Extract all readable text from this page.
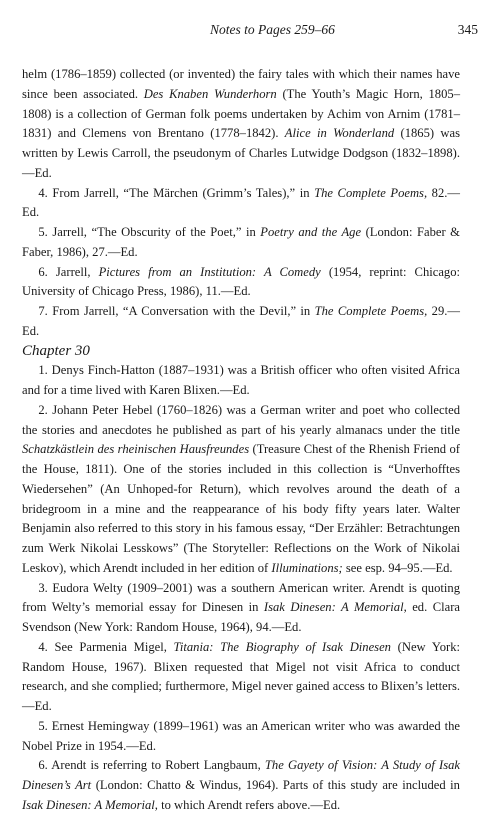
Notes to Pages 259–66	345

helm (1786–1859) collected (or invented) the fairy tales with which their names have since been associated. Des Knaben Wunderhorn (The Youth’s Magic Horn, 1805–1808) is a collection of German folk poems undertaken by Achim von Arnim (1781–1831) and Clemens von Brentano (1778–1842). Alice in Wonderland (1865) was written by Lewis Carroll, the pseudonym of Charles Lutwidge Dodgson (1832–1898).—Ed.

4. From Jarrell, “The Märchen (Grimm’s Tales),” in The Complete Poems, 82.—Ed.

5. Jarrell, “The Obscurity of the Poet,” in Poetry and the Age (London: Faber & Faber, 1986), 27.—Ed.

6. Jarrell, Pictures from an Institution: A Comedy (1954, reprint: Chicago: University of Chicago Press, 1986), 11.—Ed.

7. From Jarrell, “A Conversation with the Devil,” in The Complete Poems, 29.—Ed.

Chapter 30

1. Denys Finch-Hatton (1887–1931) was a British officer who often visited Africa and for a time lived with Karen Blixen.—Ed.

2. Johann Peter Hebel (1760–1826) was a German writer and poet who collected the stories and anecdotes he published as part of his yearly almanacs under the title Schatzkästlein des rheinischen Hausfreundes (Treasure Chest of the Rhenish Friend of the House, 1811). One of the stories included in this collection is “Unverhofftes Wiedersehen” (An Unhoped-for Return), which revolves around the death of a bridegroom in a mine and the reappearance of his body fifty years later. Walter Benjamin also referred to this story in his famous essay, “Der Erzähler: Betrachtungen zum Werk Nikolai Lesskows” (The Storyteller: Reflections on the Work of Nikolai Leskov), which Arendt included in her edition of Illuminations; see esp. 94–95.—Ed.

3. Eudora Welty (1909–2001) was a southern American writer. Arendt is quoting from Welty’s memorial essay for Dinesen in Isak Dinesen: A Memorial, ed. Clara Svendson (New York: Random House, 1964), 94.—Ed.

4. See Parmenia Migel, Titania: The Biography of Isak Dinesen (New York: Random House, 1967). Blixen requested that Migel not visit Africa to conduct research, and she complied; furthermore, Migel never gained access to Blixen’s letters.—Ed.

5. Ernest Hemingway (1899–1961) was an American writer who was awarded the Nobel Prize in 1954.—Ed.

6. Arendt is referring to Robert Langbaum, The Gayety of Vision: A Study of Isak Dinesen’s Art (London: Chatto & Windus, 1964). Parts of this study are included in Isak Dinesen: A Memorial, to which Arendt refers above.—Ed.
